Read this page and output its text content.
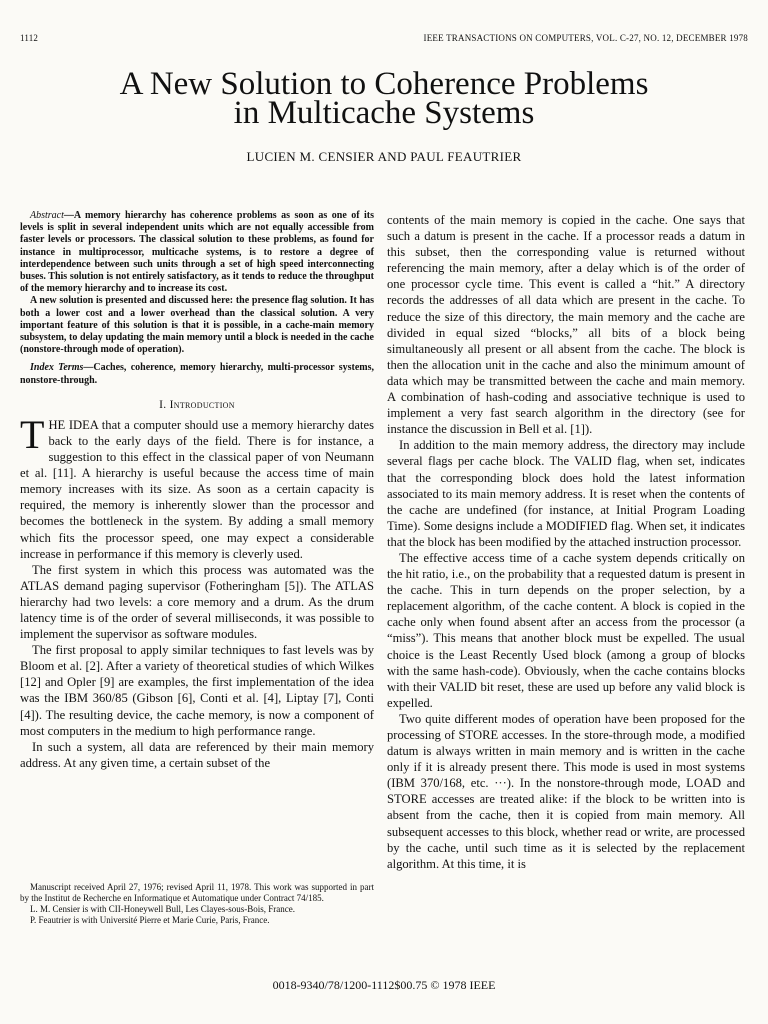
1112	IEEE TRANSACTIONS ON COMPUTERS, VOL. C-27, NO. 12, DECEMBER 1978
A New Solution to Coherence Problems
in Multicache Systems
LUCIEN M. CENSIER AND PAUL FEAUTRIER

Abstract—A memory hierarchy has coherence problems as soon as one of its levels is split in several independent units which are not equally accessible from faster levels or processors. The classical solution to these problems, as found for instance in multiprocessor, multicache systems, is to restore a degree of interdependence between such units through a set of high speed interconnecting buses. This solution is not entirely satisfactory, as it tends to reduce the throughput of the memory hierarchy and to increase its cost.

A new solution is presented and discussed here: the presence flag solution. It has both a lower cost and a lower overhead than the classical solution. A very important feature of this solution is that it is possible, in a cache-main memory subsystem, to delay updating the main memory until a block is needed in the cache (nonstore-through mode of operation).

Index Terms—Caches, coherence, memory hierarchy, multi-processor systems, nonstore-through.

I. Introduction

THE IDEA that a computer should use a memory hierarchy dates back to the early days of the field. There is for instance, a suggestion to this effect in the classical paper of von Neumann et al. [11]. A hierarchy is useful because the access time of main memory increases with its size. As soon as a certain capacity is required, the memory is inherently slower than the processor and becomes the bottleneck in the system. By adding a small memory which fits the processor speed, one may expect a considerable increase in performance if this memory is cleverly used.

The first system in which this process was automated was the ATLAS demand paging supervisor (Fotheringham [5]). The ATLAS hierarchy had two levels: a core memory and a drum. As the drum latency time is of the order of several milliseconds, it was possible to implement the supervisor as software modules.

The first proposal to apply similar techniques to fast levels was by Bloom et al. [2]. After a variety of theoretical studies of which Wilkes [12] and Opler [9] are examples, the first implementation of the idea was the IBM 360/85 (Gibson [6], Conti et al. [4], Liptay [7], Conti [4]). The resulting device, the cache memory, is now a component of most computers in the medium to high performance range.

In such a system, all data are referenced by their main memory address. At any given time, a certain subset of the

Manuscript received April 27, 1976; revised April 11, 1978. This work was supported in part by the Institut de Recherche en Informatique et Automatique under Contract 74/185.

L. M. Censier is with CII-Honeywell Bull, Les Clayes-sous-Bois, France.

P. Feautrier is with Université Pierre et Marie Curie, Paris, France.

contents of the main memory is copied in the cache. One says that such a datum is present in the cache. If a processor reads a datum in this subset, then the corresponding value is returned without referencing the main memory, after a delay which is of the order of one processor cycle time. This event is called a “hit.” A directory records the addresses of all data which are present in the cache. To reduce the size of this directory, the main memory and the cache are divided in equal sized “blocks,” all bits of a block being simultaneously all present or all absent from the cache. The block is then the allocation unit in the cache and also the minimum amount of data which may be transmitted between the cache and main memory. A combination of hash-coding and associative technique is used to implement a very fast search algorithm in the directory (see for instance the discussion in Bell et al. [1]).

In addition to the main memory address, the directory may include several flags per cache block. The VALID flag, when set, indicates that the corresponding block does hold the latest information associated to its main memory address. It is reset when the contents of the cache are undefined (for instance, at Initial Program Loading Time). Some designs include a MODIFIED flag. When set, it indicates that the block has been modified by the attached instruction processor.

The effective access time of a cache system depends critically on the hit ratio, i.e., on the probability that a requested datum is present in the cache. This in turn depends on the proper selection, by a replacement algorithm, of the cache content. A block is copied in the cache only when found absent after an access from the processor (a “miss”). This means that another block must be expelled. The usual choice is the Least Recently Used block (among a group of blocks with the same hash-code). Obviously, when the cache contains blocks with their VALID bit reset, these are used up before any valid block is expelled.

Two quite different modes of operation have been proposed for the processing of STORE accesses. In the store-through mode, a modified datum is always written in main memory and is written in the cache only if it is already present there. This mode is used in most systems (IBM 370/168, etc. ···). In the nonstore-through mode, LOAD and STORE accesses are treated alike: if the block to be written into is absent from the cache, then it is copied from main memory. All subsequent accesses to this block, whether read or write, are processed by the cache, until such time as it is selected by the replacement algorithm. At this time, it is

0018-9340/78/1200-1112$00.75 © 1978 IEEE
